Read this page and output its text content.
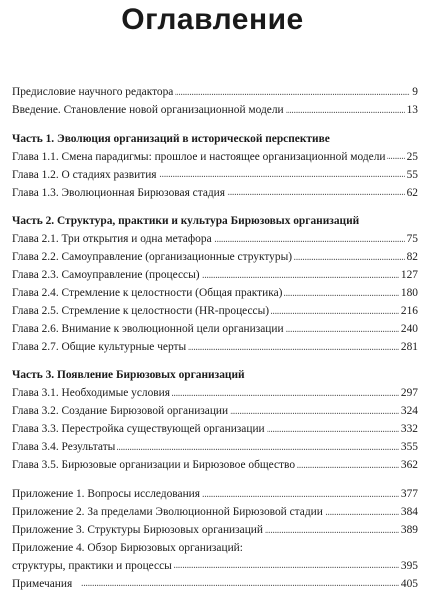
Оглавление
Предисловие научного редактора . . .	9
Введение. Становление новой организационной модели . . .	13
Часть 1. Эволюция организаций в исторической перспективе
Глава 1.1. Смена парадигмы: прошлое и настоящее организационной модели . . . 25
Глава 1.2. О стадиях развития . . .	55
Глава 1.3. Эволюционная Бирюзовая стадия . . .	62
Часть 2. Структура, практики и культура Бирюзовых организаций
Глава 2.1. Три открытия и одна метафора . . .	75
Глава 2.2. Самоуправление (организационные структуры) . . .	82
Глава 2.3. Самоуправление (процессы) . . .	127
Глава 2.4. Стремление к целостности (Общая практика) . . .	180
Глава 2.5. Стремление к целостности (HR-процессы) . . .	216
Глава 2.6. Внимание к эволюционной цели организации . . .	240
Глава 2.7. Общие культурные черты . . .	281
Часть 3. Появление Бирюзовых организаций
Глава 3.1. Необходимые условия . . .	297
Глава 3.2. Создание Бирюзовой организации . . .	324
Глава 3.3. Перестройка существующей организации . . .	332
Глава 3.4. Результаты . . .	355
Глава 3.5. Бирюзовые организации и Бирюзовое общество . . .	362
Приложение 1. Вопросы исследования . . .	377
Приложение 2. За пределами Эволюционной Бирюзовой стадии . . .	384
Приложение 3. Структуры Бирюзовых организаций . . .	389
Приложение 4. Обзор Бирюзовых организаций:
структуры, практики и процессы . . .	395
Примечания . . .	405
